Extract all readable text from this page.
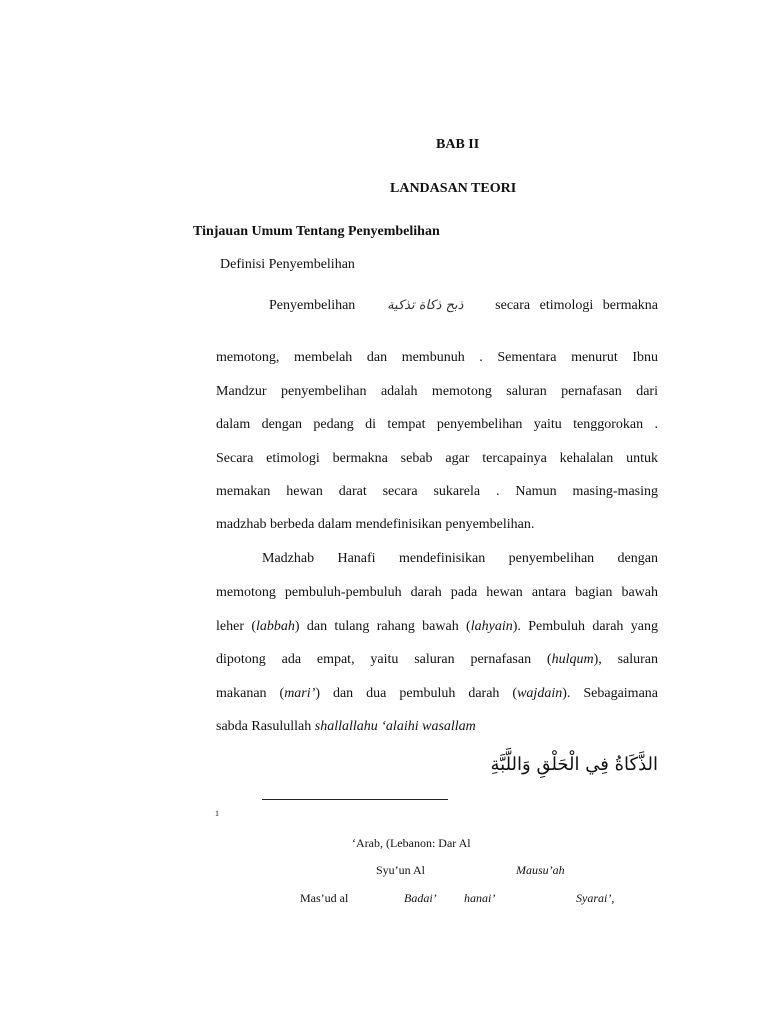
BAB II
LANDASAN TEORI
Tinjauan Umum Tentang Penyembelihan
Definisi Penyembelihan
Penyembelihan ذبح ذكاة تذكية secara etimologi bermakna
memotong, membelah dan membunuh . Sementara menurut Ibnu
Mandzur penyembelihan adalah memotong saluran pernafasan dari
dalam dengan pedang di tempat penyembelihan yaitu tenggorokan .
Secara etimologi bermakna sebab agar tercapainya kehalalan untuk
memakan hewan darat secara sukarela . Namun masing-masing
madzhab berbeda dalam mendefinisikan penyembelihan.
Madzhab Hanafi mendefinisikan penyembelihan dengan
memotong pembuluh-pembuluh darah pada hewan antara bagian bawah
leher (labbah) dan tulang rahang bawah (lahyain). Pembuluh darah yang
dipotong ada empat, yaitu saluran pernafasan (hulqum), saluran
makanan (mari’) dan dua pembuluh darah (wajdain). Sebagaimana
sabda Rasulullah shallallahu ‘alaihi wasallam
الذَّكَاةُ فِي الْحَلْقِ وَاللَّبَّةِ
1
‘Arab, (Lebanon: Dar Al
Syu’un Al	Mausu’ah
Mas’ud al	Badai’ hanai’	Syarai’,
